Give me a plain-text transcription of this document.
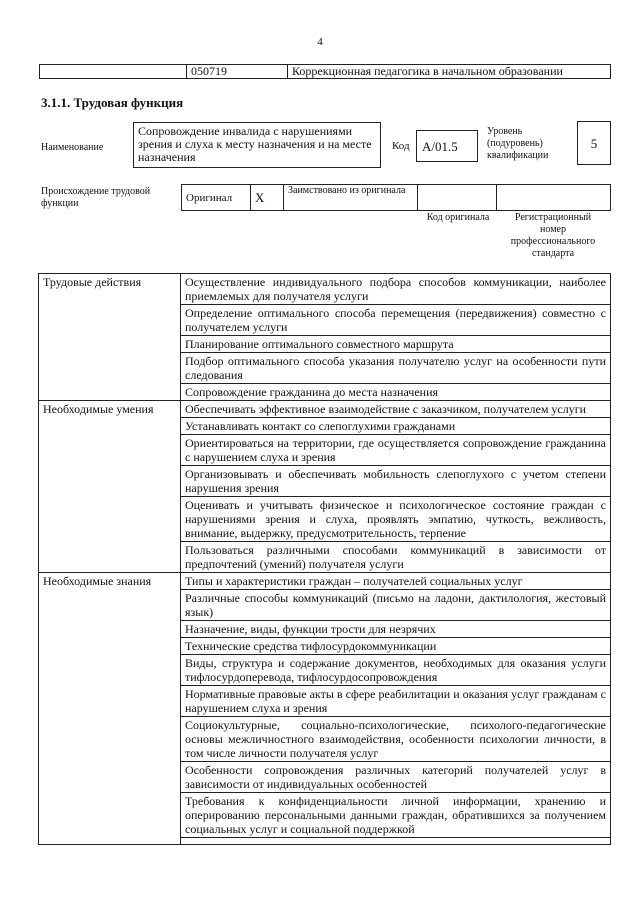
4
	050719	Коррекционная педагогика в начальном образовании
3.1.1. Трудовая функция
Наименование
Сопровождение инвалида с нарушениями зрения и слуха к месту назначения и на месте назначения
Код A/01.5
Уровень (подуровень) квалификации
5
Происхождение трудовой функции	Оригинал	X	Заимствовано из оригинала		
Код оригинала	Регистрационный номер профессионального стандарта
Трудовые действия	Осуществление индивидуального подбора способов коммуникации, наиболее приемлемых для получателя услуги
	Определение оптимального способа перемещения (передвижения) совместно с получателем услуги
	Планирование оптимального совместного маршрута
	Подбор оптимального способа указания получателю услуг на особенности пути следования
	Сопровождение гражданина до места назначения
Необходимые умения	Обеспечивать эффективное взаимодействие с заказчиком, получателем услуги
	Устанавливать контакт со слепоглухими гражданами
	Ориентироваться на территории, где осуществляется сопровождение гражданина с нарушением слуха и зрения
	Организовывать и обеспечивать мобильность слепоглухого с учетом степени нарушения зрения
	Оценивать и учитывать физическое и психологическое состояние граждан с нарушениями зрения и слуха, проявлять эмпатию, чуткость, вежливость, внимание, выдержку, предусмотрительность, терпение
	Пользоваться различными способами коммуникаций в зависимости от предпочтений (умений) получателя услуги
Необходимые знания	Типы и характеристики граждан – получателей социальных услуг
	Различные способы коммуникаций (письмо на ладони, дактилология, жестовый язык)
	Назначение, виды, функции трости для незрячих
	Технические средства тифлосурдокоммуникации
	Виды, структура и содержание документов, необходимых для оказания услуги тифлосурдоперевода, тифлосурдосопровождения
	Нормативные правовые акты в сфере реабилитации и оказания услуг гражданам с нарушением слуха и зрения
	Социокультурные, социально-психологические, психолого-педагогические основы межличностного взаимодействия, особенности психологии личности, в том числе личности получателя услуг
	Особенности сопровождения различных категорий получателей услуг в зависимости от индивидуальных особенностей
	Требования к конфиденциальности личной информации, хранению и оперированию персональными данными граждан, обратившихся за получением социальных услуг и социальной поддержкой
